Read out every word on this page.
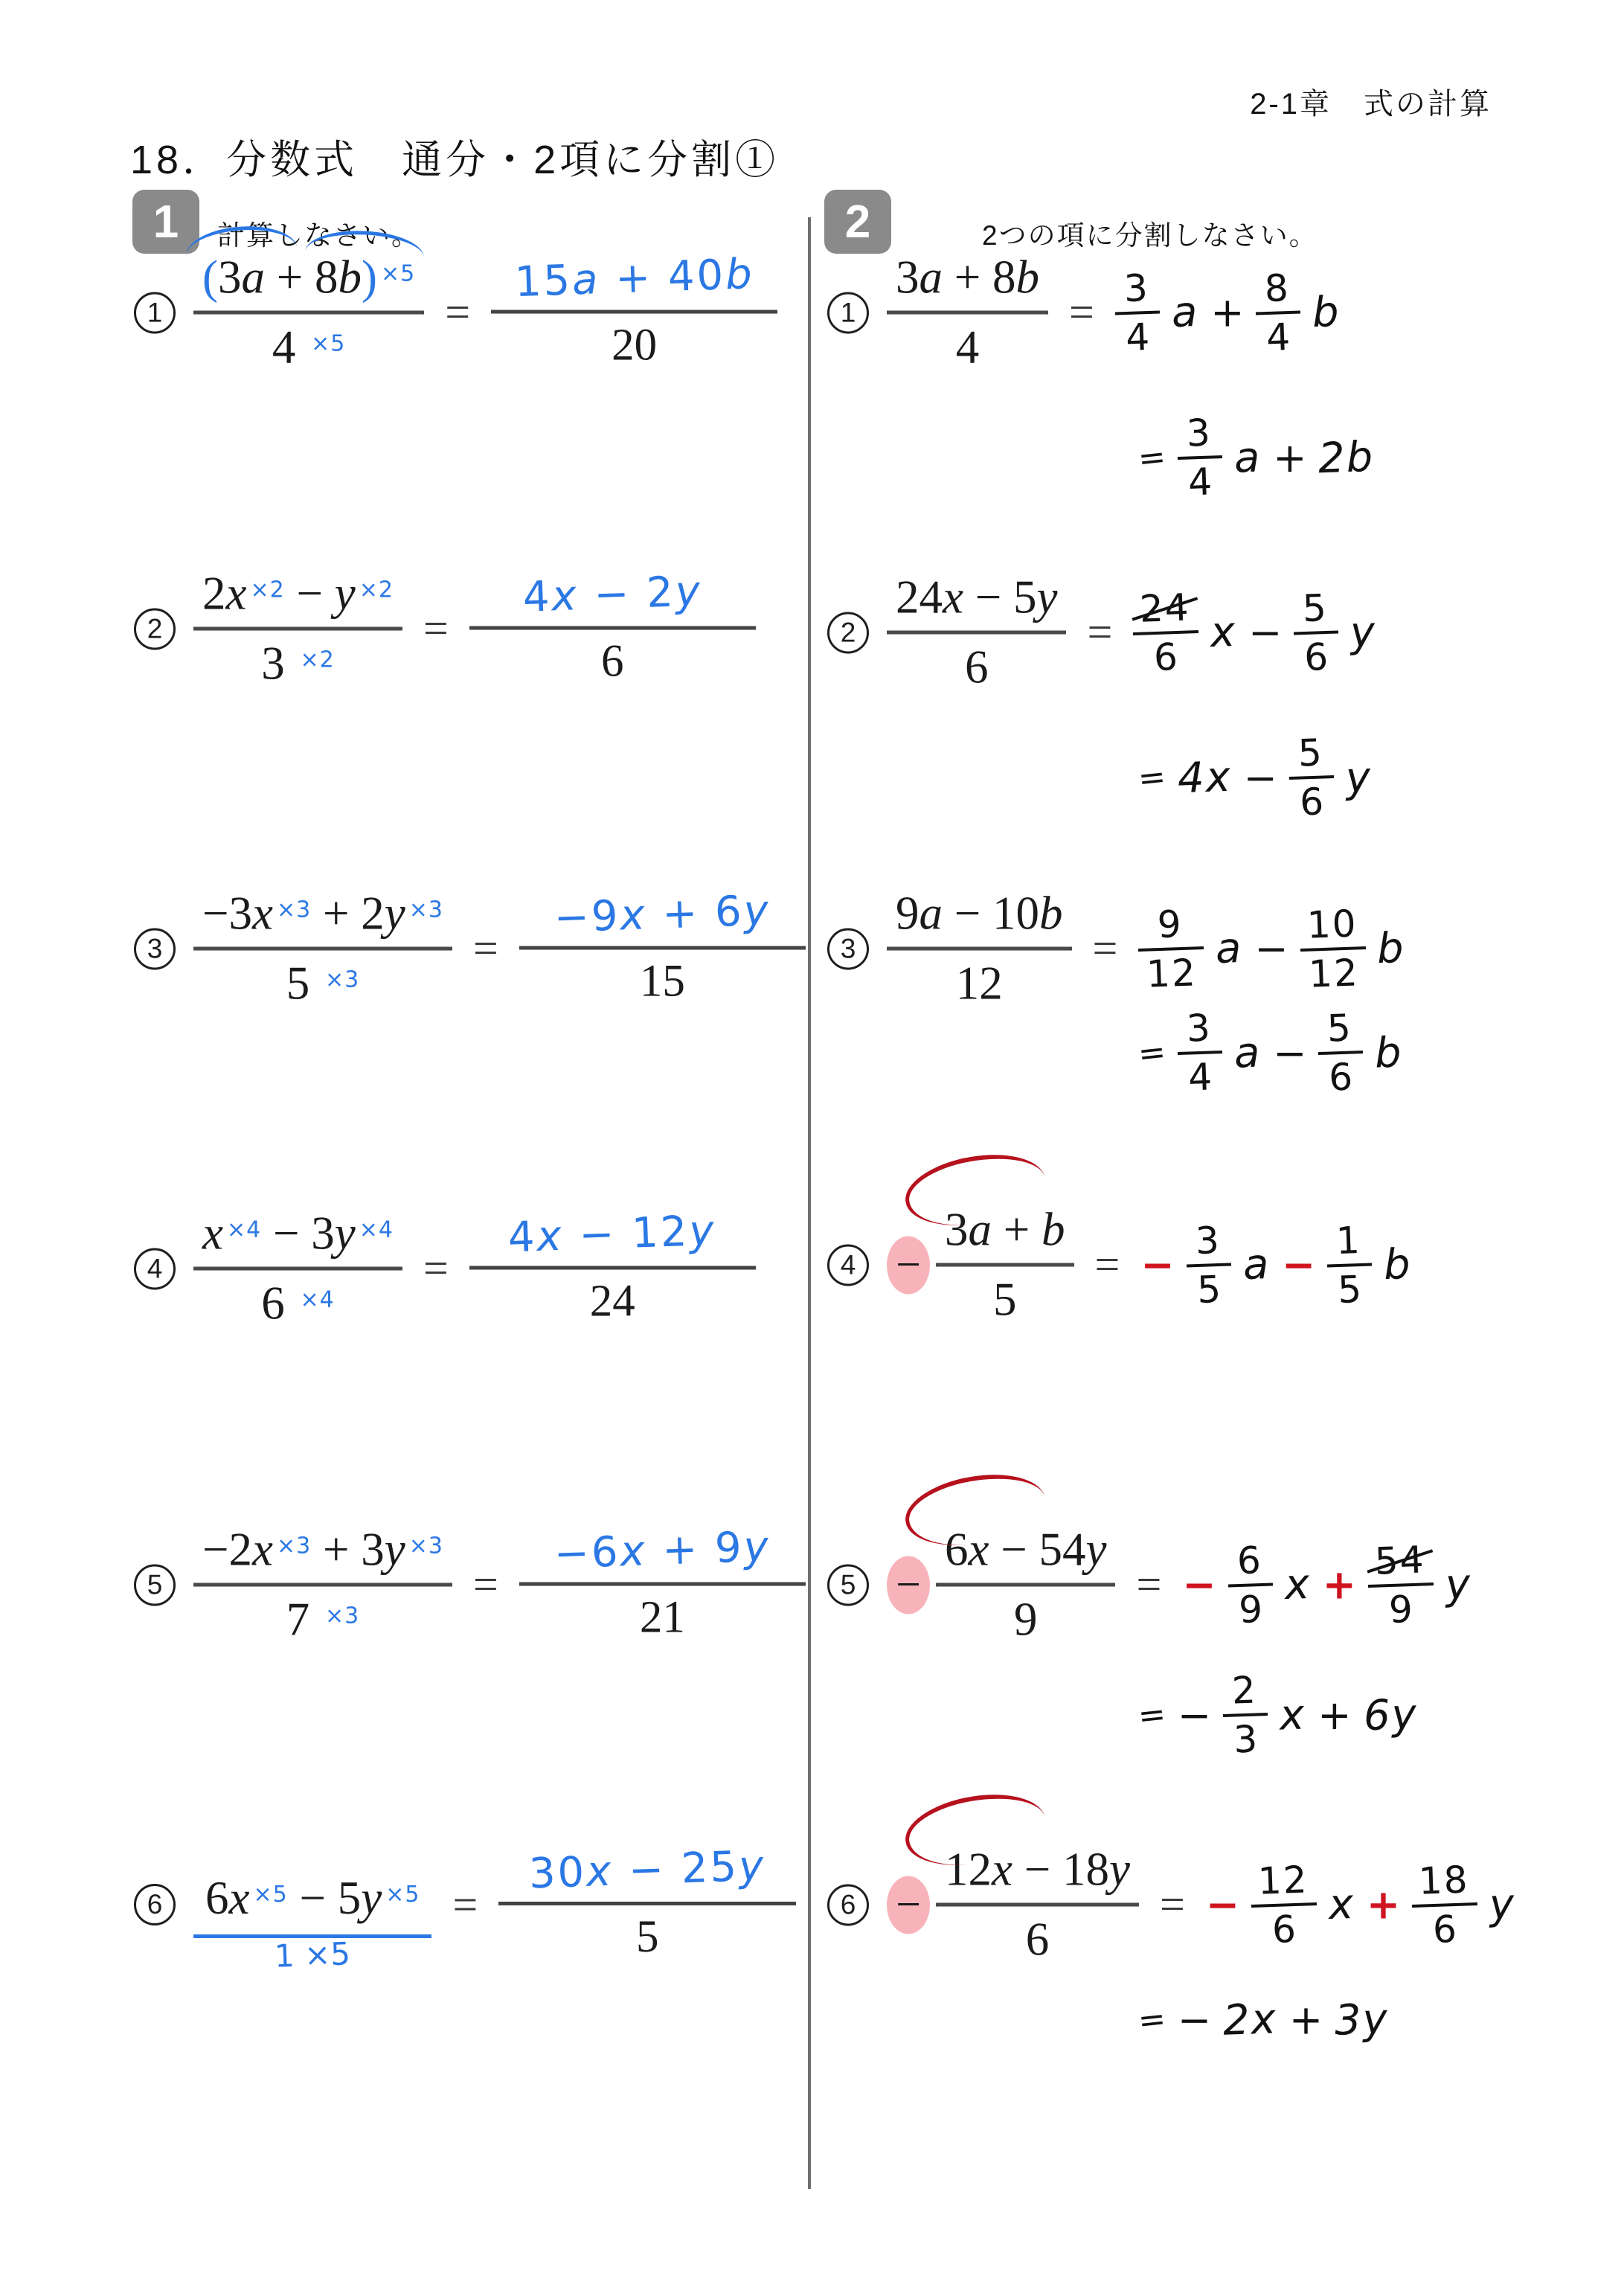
2-1章　式の計算
18．分数式　通分・2項に分割①
1	計算しなさい。	2	2つの項に分割しなさい。
1
(3a + 8b) $^{\times 5}$
4 $^{\times 5}$
=
15a + 40b
20
2
2x $^{\times 2}$ − y $^{\times 2}$
3 $^{\times 2}$
=
4x − 2y
6
3
−3x $^{\times 3}$ + 2y $^{\times 3}$
5 $^{\times 3}$
=
−9x + 6y
15
4
x $^{\times 4}$ − 3y $^{\times 4}$
6 $^{\times 4}$
=
4x − 12y
24
5
−2x $^{\times 3}$ + 3y $^{\times 3}$
7 $^{\times 3}$
=
−6x + 9y
21
6 6x $^{\times 5}$ − 5y $^{\times 5}$
1 ×5
=
30x − 25y
5
1
3a + 8b
4
= 3
4 a +
8
4 b
=
3
4 a + 2b
2
24x − 5y
6
= 24
6 x −
5
6 y
= 4x −
5
6 y
3
9a − 10b
12
= 9
12 a −
10
12 b
=
3
4 a −
5
6 b
4 −
3a + b
5
= −
3
5 a −
1
5 b
5 −
6x − 54y
9
= −
6
9 x +
54
9 y
= −
2
3 x + 6y
6 −
12x − 18y
6
= −
12
6 x +
18
6 y
= − 2x + 3y
